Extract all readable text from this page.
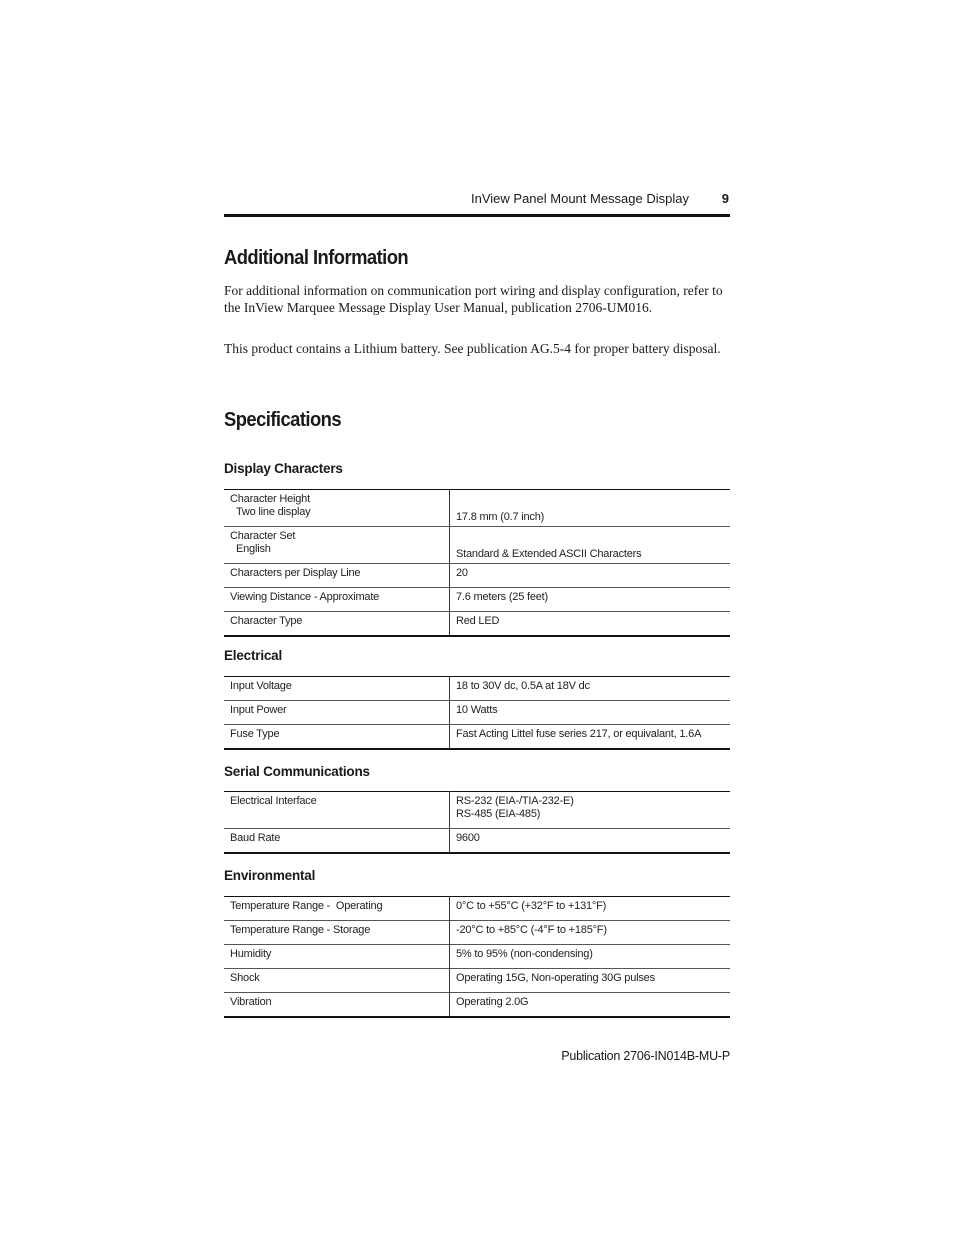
InView Panel Mount Message Display	9
Additional Information

For additional information on communication port wiring and display configuration, refer to the InView Marquee Message Display User Manual, publication 2706-UM016.

This product contains a Lithium battery. See publication AG.5-4 for proper battery disposal.

Specifications
Display Characters
Character Height
Two line display	17.8 mm (0.7 inch)

Character Set
English	Standard & Extended ASCII Characters
Characters per Display Line	20
Viewing Distance - Approximate	7.6 meters (25 feet)
Character Type	Red LED
Electrical
Input Voltage	18 to 30V dc, 0.5A at 18V dc
Input Power	10 Watts
Fuse Type	Fast Acting Littel fuse series 217, or equivalant, 1.6A
Serial Communications
Electrical Interface	RS-232 (EIA-/TIA-232-E)
RS-485 (EIA-485)

Baud Rate	9600
Environmental
Temperature Range -  Operating	0°C to +55°C (+32°F to +131°F)
Temperature Range - Storage	-20°C to +85°C (-4°F to +185°F)
Humidity	5% to 95% (non-condensing)
Shock	Operating 15G, Non-operating 30G pulses
Vibration	Operating 2.0G
Publication 2706-IN014B-MU-P
